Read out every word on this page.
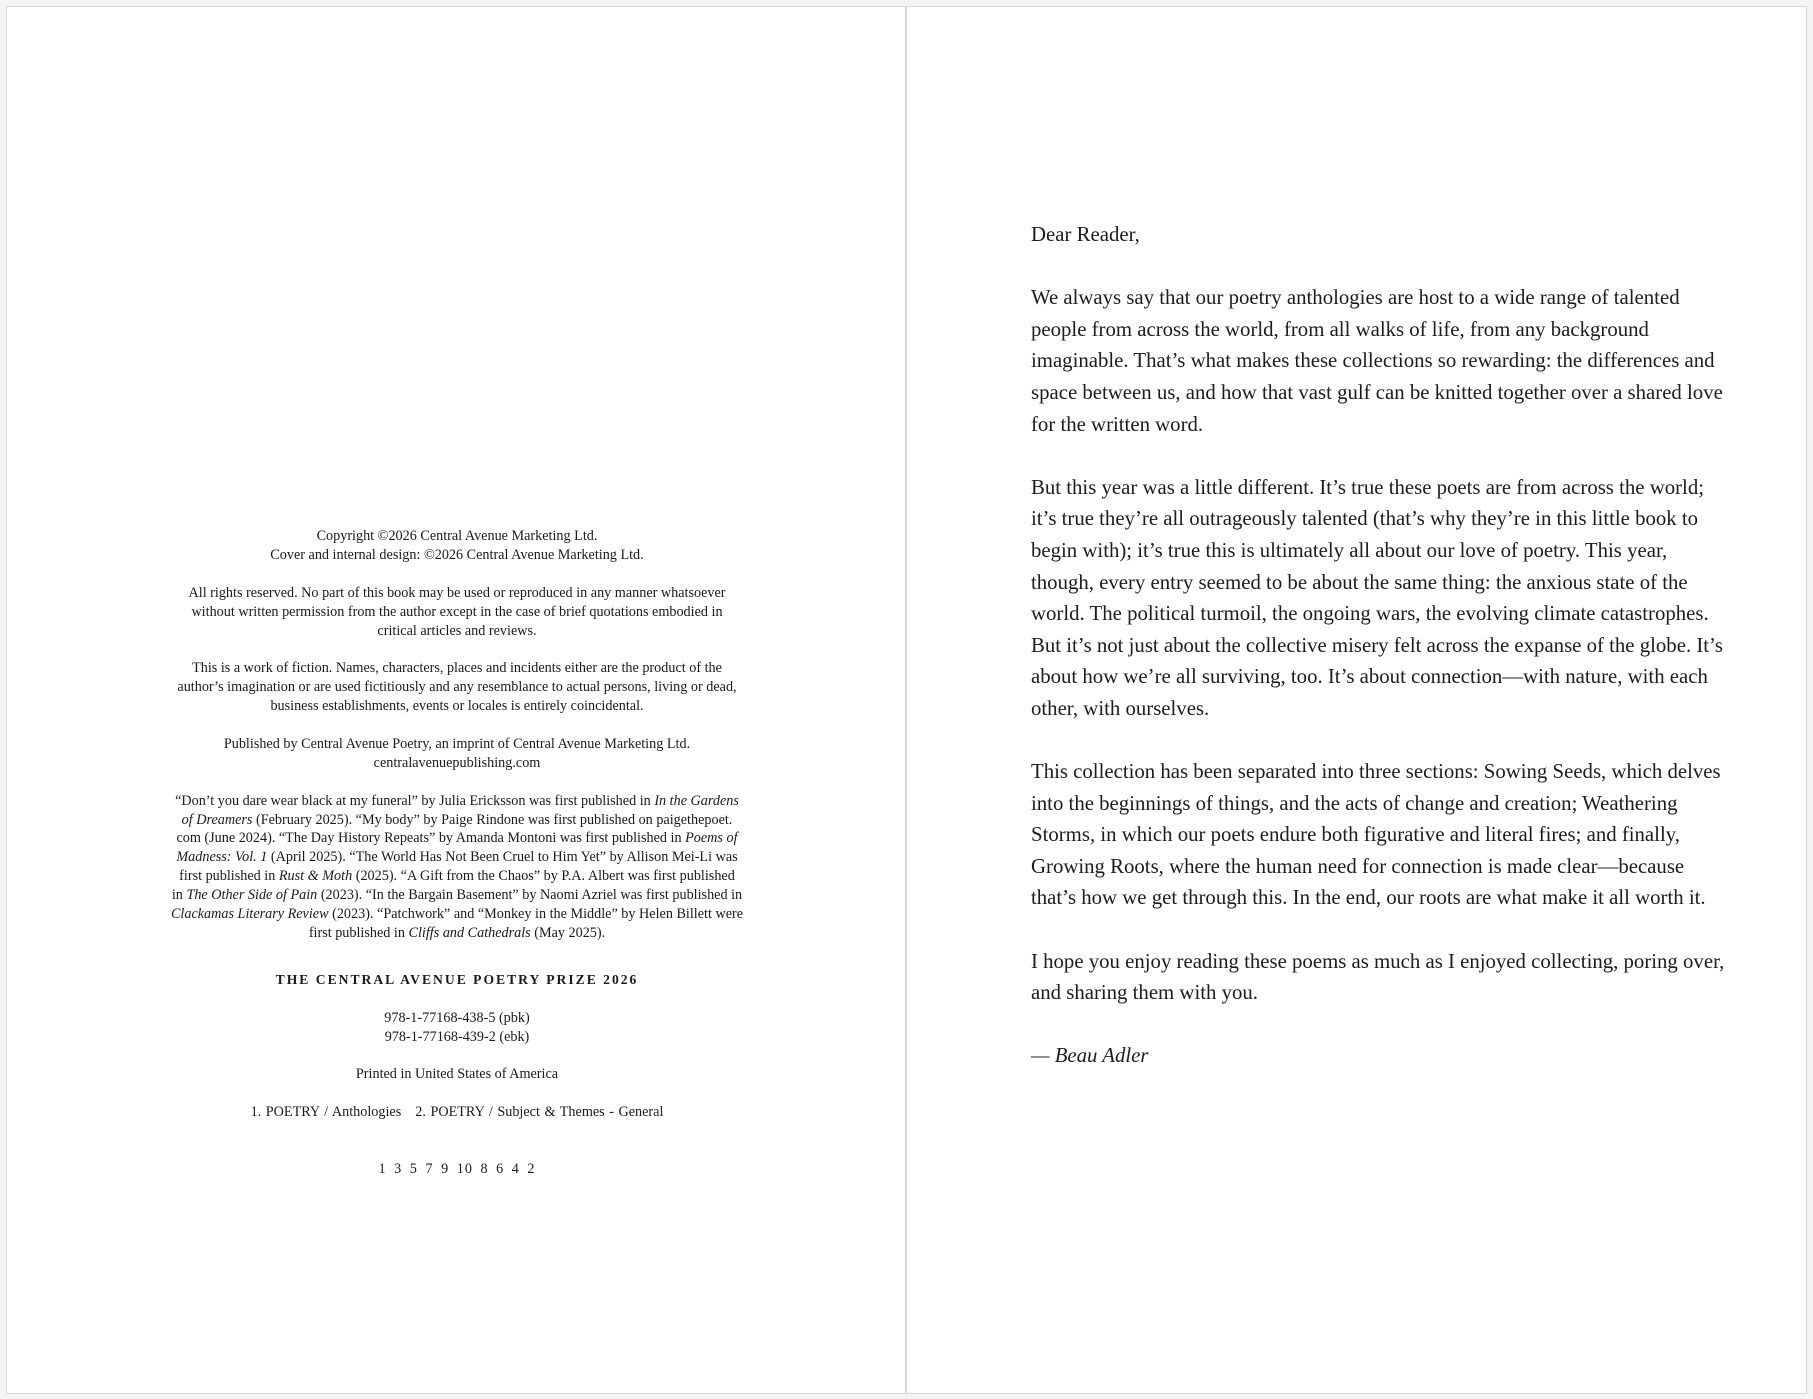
Copyright ©2026 Central Avenue Marketing Ltd.
Cover and internal design: ©2026 Central Avenue Marketing Ltd.

All rights reserved. No part of this book may be used or reproduced in any manner whatsoever
without written permission from the author except in the case of brief quotations embodied in
critical articles and reviews.

This is a work of fiction. Names, characters, places and incidents either are the product of the
author’s imagination or are used fictitiously and any resemblance to actual persons, living or dead,
business establishments, events or locales is entirely coincidental.

Published by Central Avenue Poetry, an imprint of Central Avenue Marketing Ltd.
centralavenuepublishing.com

“Don’t you dare wear black at my funeral” by Julia Ericksson was first published in In the Gardens
of Dreamers (February 2025). “My body” by Paige Rindone was first published on paigethepoet.
com (June 2024). “The Day History Repeats” by Amanda Montoni was first published in Poems of
Madness: Vol. 1 (April 2025). “The World Has Not Been Cruel to Him Yet” by Allison Mei-Li was
first published in Rust & Moth (2025). “A Gift from the Chaos” by P.A. Albert was first published
in The Other Side of Pain (2023). “In the Bargain Basement” by Naomi Azriel was first published in
Clackamas Literary Review (2023). “Patchwork” and “Monkey in the Middle” by Helen Billett were
first published in Cliffs and Cathedrals (May 2025).

THE CENTRAL AVENUE POETRY PRIZE 2026

978-1-77168-438-5 (pbk)
978-1-77168-439-2 (ebk)

Printed in United States of America

1. POETRY / Anthologies 2. POETRY / Subject & Themes - General

1 3 5 7 9 10 8 6 4 2

Dear Reader,

We always say that our poetry anthologies are host to a wide range of talented people from across the world, from all walks of life, from any background imaginable. That’s what makes these collections so rewarding: the differences and space between us, and how that vast gulf can be knitted together over a shared love for the written word.

But this year was a little different. It’s true these poets are from across the world; it’s true they’re all outrageously talented (that’s why they’re in this little book to begin with); it’s true this is ultimately all about our love of poetry. This year, though, every entry seemed to be about the same thing: the anxious state of the world. The political turmoil, the ongoing wars, the evolving climate catastrophes. But it’s not just about the collective misery felt across the expanse of the globe. It’s about how we’re all surviving, too. It’s about connection—with nature, with each other, with ourselves.

This collection has been separated into three sections: Sowing Seeds, which delves into the beginnings of things, and the acts of change and creation; Weathering Storms, in which our poets endure both figurative and literal fires; and finally, Growing Roots, where the human need for connection is made clear—because that’s how we get through this. In the end, our roots are what make it all worth it.

I hope you enjoy reading these poems as much as I enjoyed collecting, poring over, and sharing them with you.

— Beau Adler
